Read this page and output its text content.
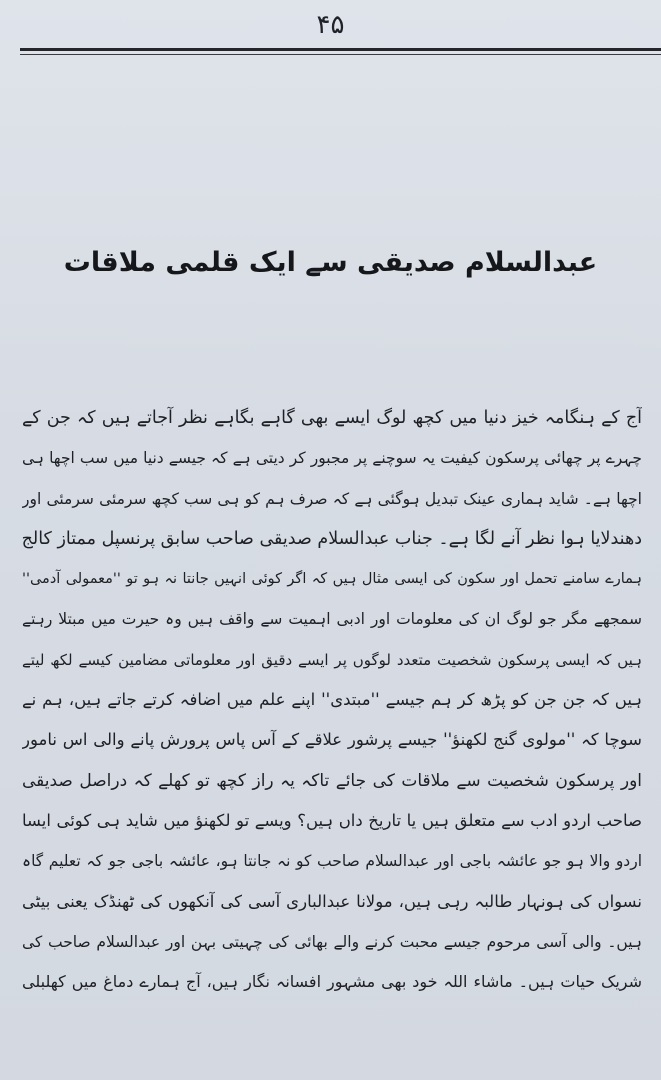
۴۵
عبدالسلام صدیقی سے ایک قلمی ملاقات
آج کے ہنگامہ خیز دنیا میں کچھ لوگ ایسے بھی گاہے بگاہے نظر آجاتے ہیں کہ جن کے
چہرے پر چھائی پرسکون کیفیت یہ سوچنے پر مجبور کر دیتی ہے کہ جیسے دنیا میں سب اچھا ہی
اچھا ہے۔ شاید ہماری عینک تبدیل ہوگئی ہے کہ صرف ہم کو ہی سب کچھ سرمئی سرمئی اور
دھندلایا ہوا نظر آنے لگا ہے۔ جناب عبدالسلام صدیقی صاحب سابق پرنسپل ممتاز کالج
ہمارے سامنے تحمل اور سکون کی ایسی مثال ہیں کہ اگر کوئی انہیں جانتا نہ ہو تو ''معمولی آدمی''
سمجھے مگر جو لوگ ان کی معلومات اور ادبی اہمیت سے واقف ہیں وہ حیرت میں مبتلا رہتے
ہیں کہ ایسی پرسکون شخصیت متعدد لوگوں پر ایسے دقیق اور معلوماتی مضامین کیسے لکھ لیتے
ہیں کہ جن جن کو پڑھ کر ہم جیسے ''مبتدی'' اپنے علم میں اضافہ کرتے جاتے ہیں، ہم نے
سوچا کہ ''مولوی گنج لکھنؤ'' جیسے پرشور علاقے کے آس پاس پرورش پانے والی اس نامور
اور پرسکون شخصیت سے ملاقات کی جائے تاکہ یہ راز کچھ تو کھلے کہ دراصل صدیقی
صاحب اردو ادب سے متعلق ہیں یا تاریخ داں ہیں؟ ویسے تو لکھنؤ میں شاید ہی کوئی ایسا
اردو والا ہو جو عائشہ باجی اور عبدالسلام صاحب کو نہ جانتا ہو، عائشہ باجی جو کہ تعلیم گاہ
نسواں کی ہونہار طالبہ رہی ہیں، مولانا عبدالباری آسی کی آنکھوں کی ٹھنڈک یعنی بیٹی
ہیں۔ والی آسی مرحوم جیسے محبت کرنے والے بھائی کی چہیتی بہن اور عبدالسلام صاحب کی
شریک حیات ہیں۔ ماشاء اللہ خود بھی مشہور افسانہ نگار ہیں، آج ہمارے دماغ میں کھلبلی
